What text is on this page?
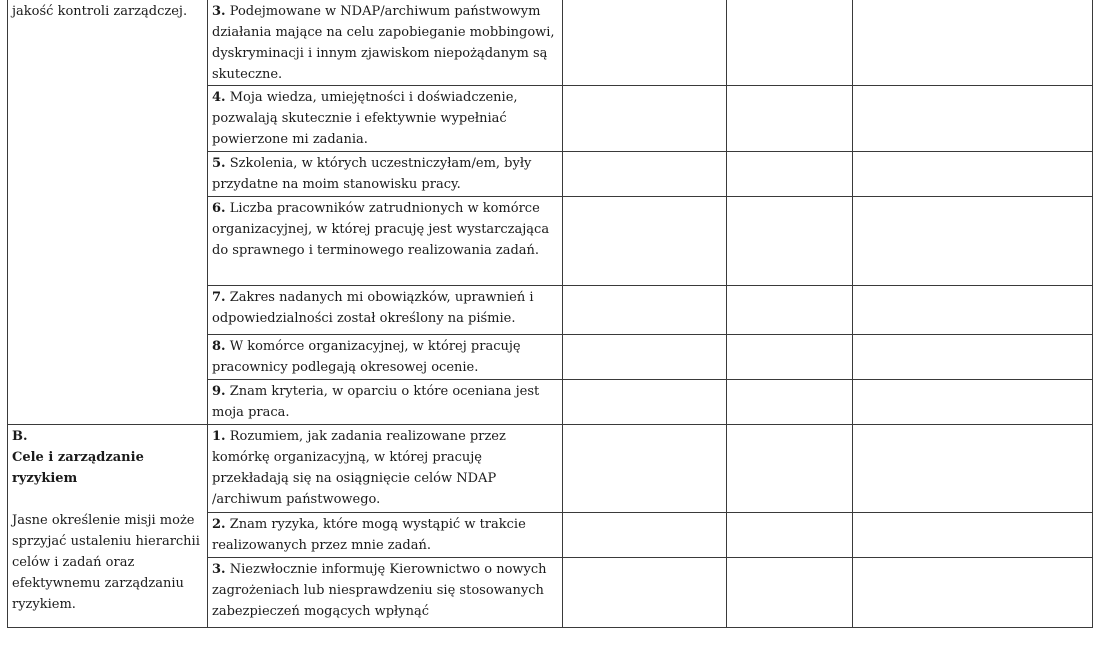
jakość kontroli zarządczej.	3. Podejmowane w NDAP/archiwum państwowym działania mające na celu zapobieganie mobbingowi, dyskryminacji i innym zjawiskom niepożądanym są skuteczne.			
	4. Moja wiedza, umiejętności i doświadczenie, pozwalają skutecznie i efektywnie wypełniać powierzone mi zadania.			
	5. Szkolenia, w których uczestniczyłam/em, były przydatne na moim stanowisku pracy.			
	6. Liczba pracowników zatrudnionych w komórce organizacyjnej, w której pracuję jest wystarczająca do sprawnego i terminowego realizowania zadań.			
	7. Zakres nadanych mi obowiązków, uprawnień i odpowiedzialności został określony na piśmie.			
	8. W komórce organizacyjnej, w której pracuję pracownicy podlegają okresowej ocenie.			
	9. Znam kryteria, w oparciu o które oceniana jest moja praca.			

B.
Cele i zarządzanie ryzykiem
Jasne określenie misji może sprzyjać ustaleniu hierarchii celów i zadań oraz efektywnemu zarządzaniu ryzykiem.	1. Rozumiem, jak zadania realizowane przez komórkę organizacyjną, w której pracuję przekładają się na osiągnięcie celów NDAP /archiwum państwowego.			
	2. Znam ryzyka, które mogą wystąpić w trakcie realizowanych przez mnie zadań.			
	3. Niezwłocznie informuję Kierownictwo o nowych zagrożeniach lub niesprawdzeniu się stosowanych zabezpieczeń mogących wpłynąć			
